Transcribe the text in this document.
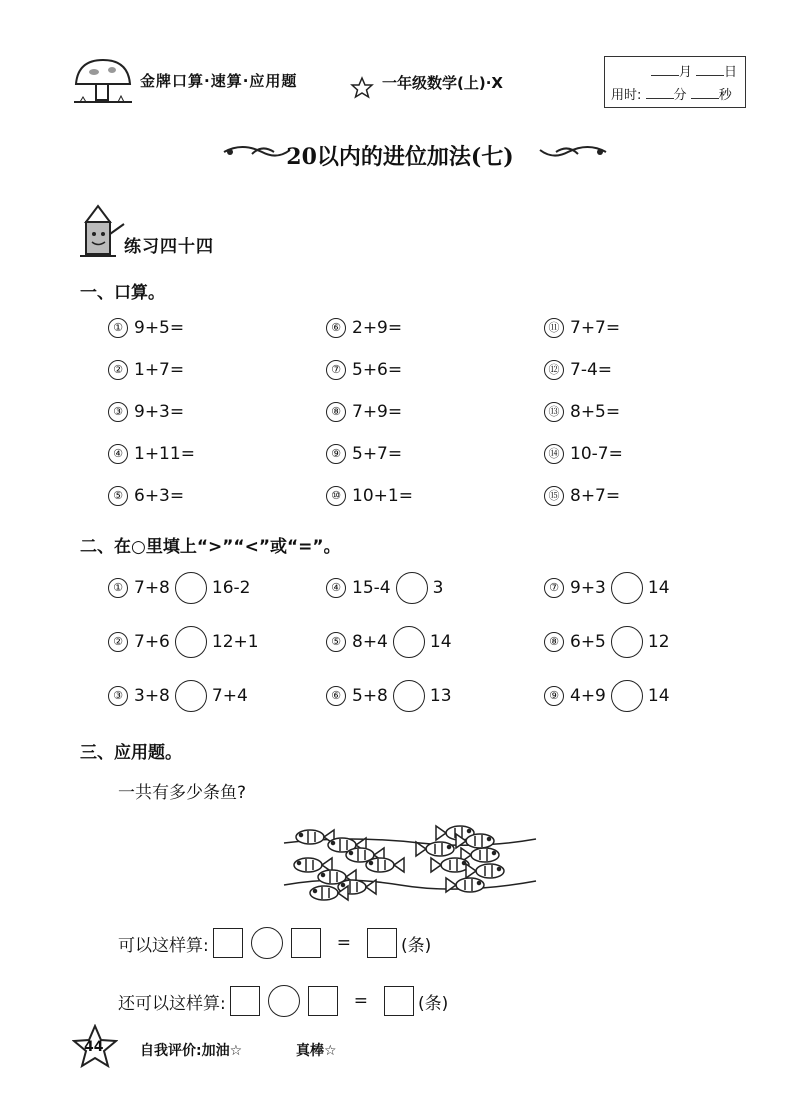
金牌口算·速算·应用题	一年级数学(上)·X
月 日
用时: 分 秒
20以内的进位加法(七)
练习四十四
一、口算。
① 9+5=
② 1+7=
③ 9+3=
④ 1+11=
⑤ 6+3=
⑥ 2+9=
⑦ 5+6=
⑧ 7+9=
⑨ 5+7=
⑩ 10+1=
⑪ 7+7=
⑫ 7-4=
⑬ 8+5=
⑭ 10-7=
⑮ 8+7=
二、在○里填上“>”“<”或“=”。
① 7+8 16-2
② 7+6 12+1
③ 3+8 7+4
④ 15-4 3
⑤ 8+4 14
⑥ 5+8 13
⑦ 9+3 14
⑧ 6+5 12
⑨ 4+9 14
三、应用题。
一共有多少条鱼?
可以这样算:	=	(条)
还可以这样算:	=	(条)
44	自我评价:加油☆	真棒☆
